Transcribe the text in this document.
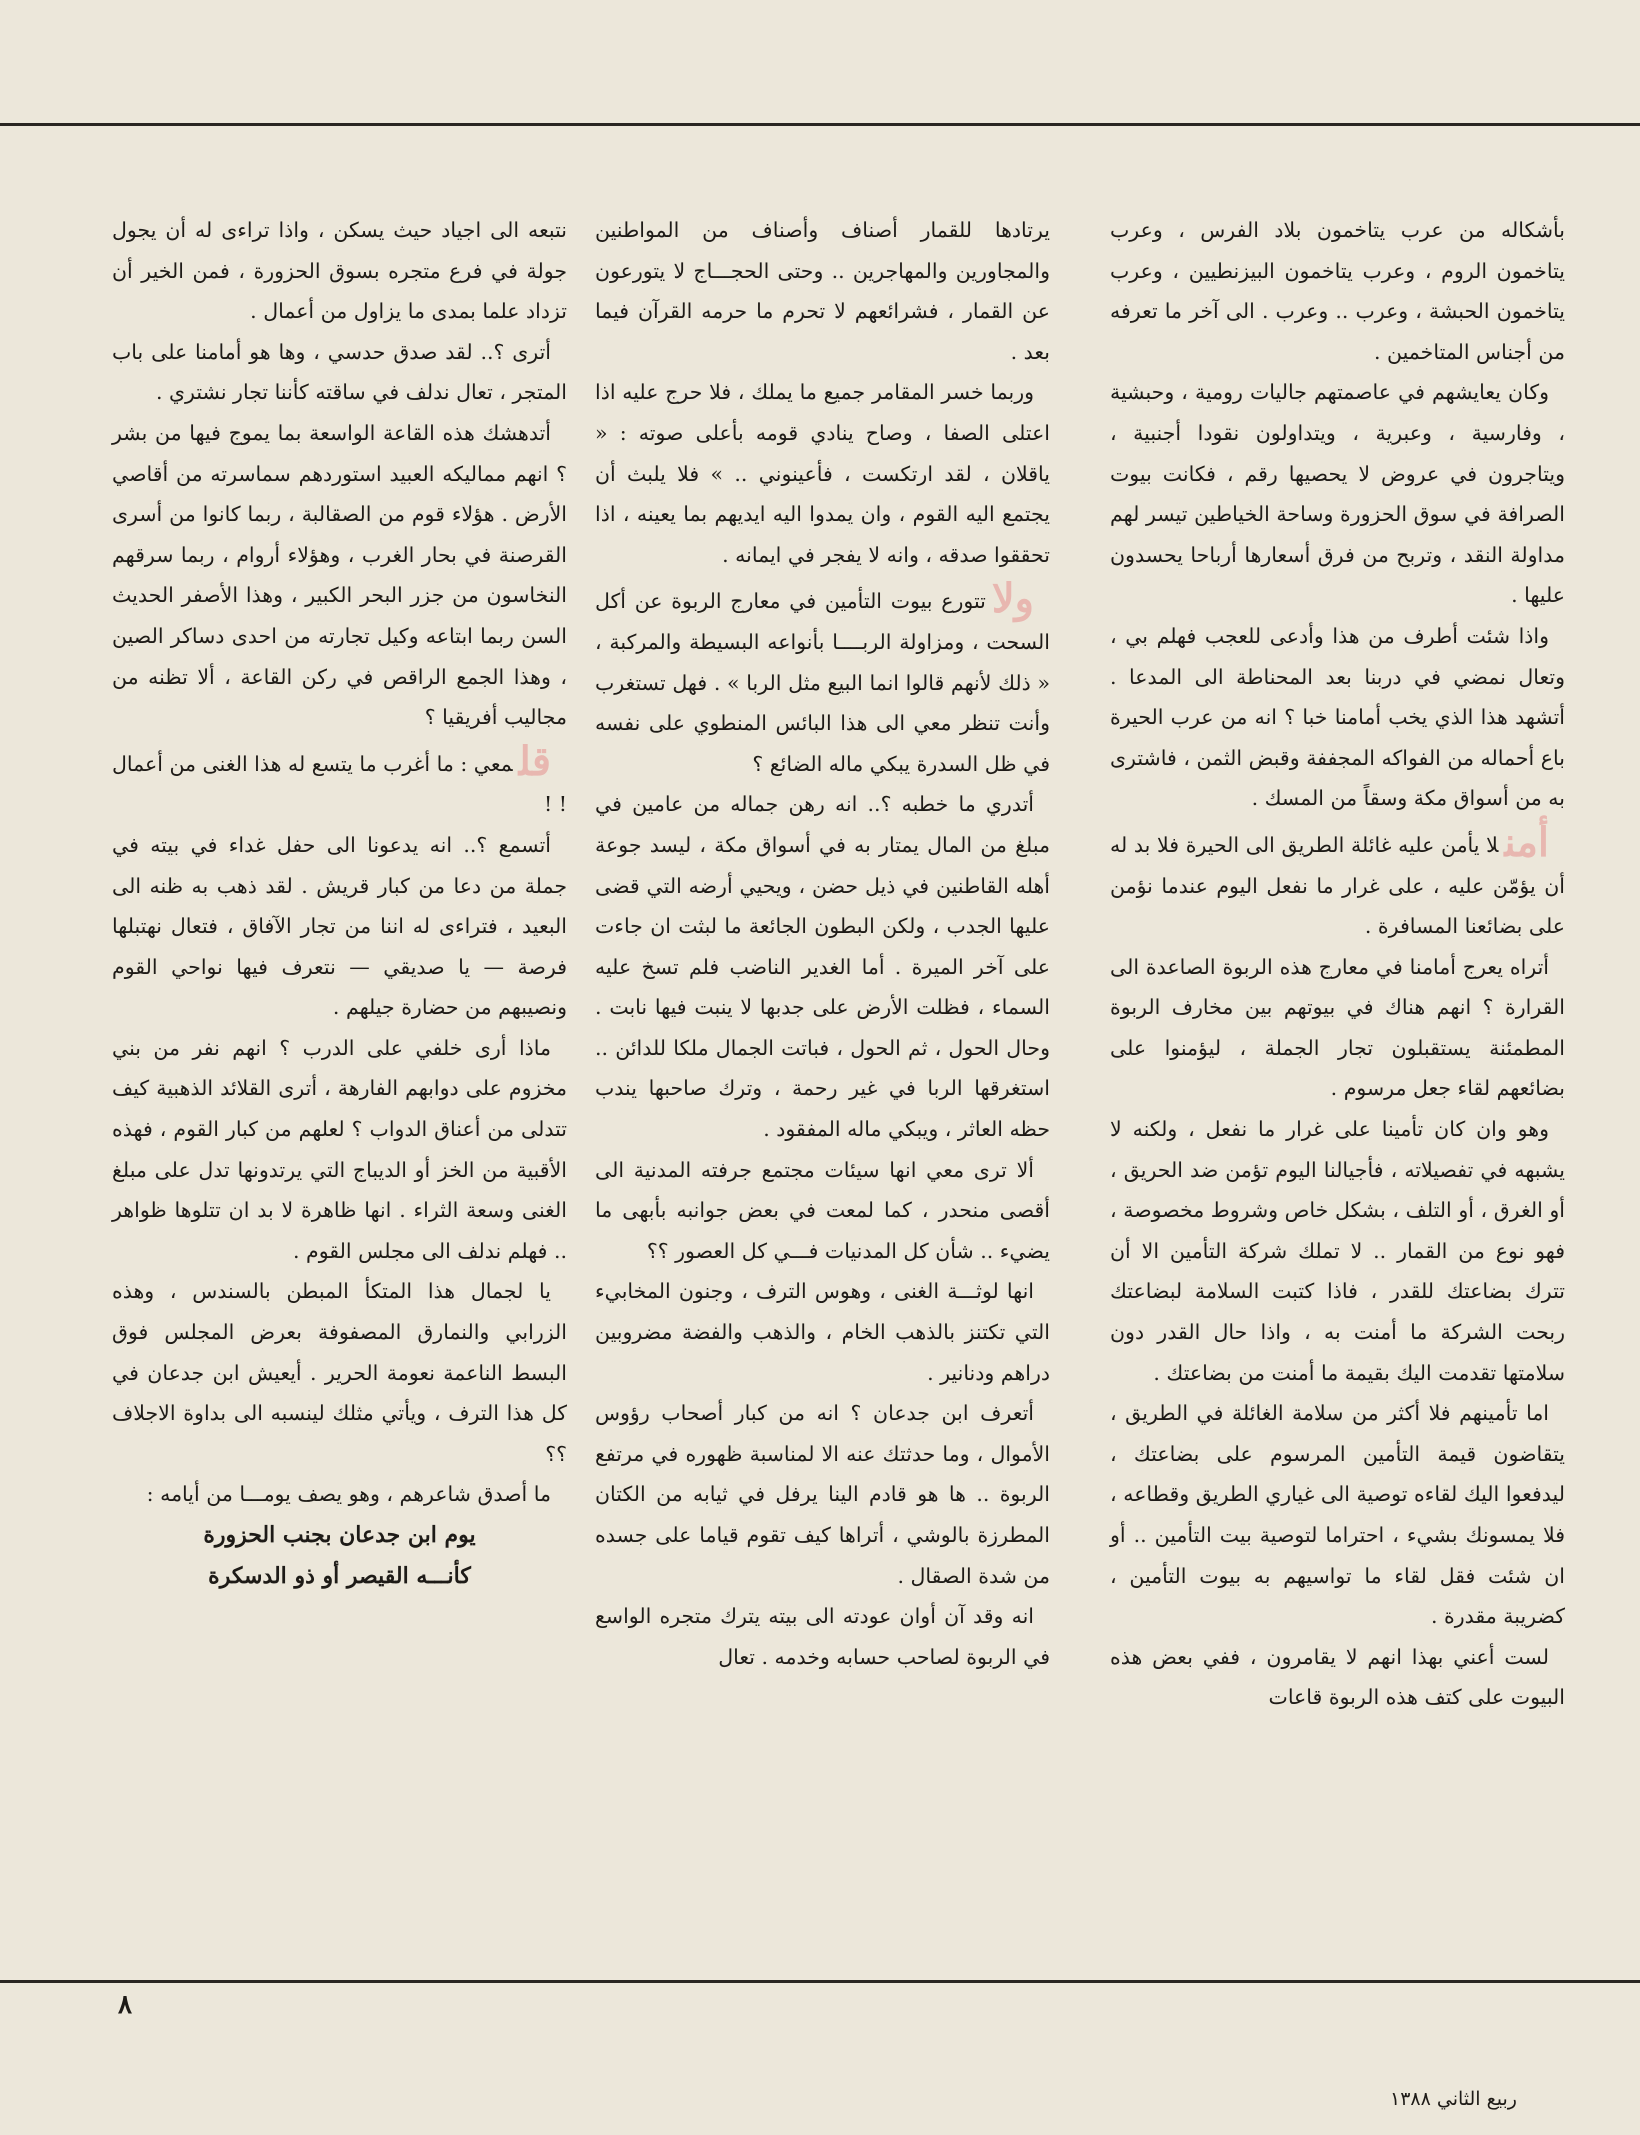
بأشكاله من عرب يتاخمون بلاد الفرس ، وعرب يتاخمون الروم ، وعرب يتاخمون البيزنطيين ، وعرب يتاخمون الحبشة ، وعرب .. وعرب . الى آخر ما تعرفه من أجناس المتاخمين .

وكان يعايشهم في عاصمتهم جاليات رومية ، وحبشية ، وفارسية ، وعبرية ، ويتداولون نقودا أجنبية ، ويتاجرون في عروض لا يحصيها رقم ، فكانت بيوت الصرافة في سوق الحزورة وساحة الخياطين تيسر لهم مداولة النقد ، وتربح من فرق أسعارها أرباحا يحسدون عليها .

واذا شئت أطرف من هذا وأدعى للعجب فهلم بي ، وتعال نمضي في دربنا بعد المحناطة الى المدعا . أتشهد هذا الذي يخب أمامنا خبا ؟ انه من عرب الحيرة باع أحماله من الفواكه المجففة وقبض الثمن ، فاشترى به من أسواق مكة وسقاً من المسك .

أمنلا يأمن عليه غائلة الطريق الى الحيرة فلا بد له أن يؤمّن عليه ، على غرار ما نفعل اليوم عندما نؤمن على بضائعنا المسافرة .

أتراه يعرج أمامنا في معارج هذه الربوة الصاعدة الى القرارة ؟ انهم هناك في بيوتهم بين مخارف الربوة المطمئنة يستقبلون تجار الجملة ، ليؤمنوا على بضائعهم لقاء جعل مرسوم .

وهو وان كان تأمينا على غرار ما نفعل ، ولكنه لا يشبهه في تفصيلاته ، فأجيالنا اليوم تؤمن ضد الحريق ، أو الغرق ، أو التلف ، بشكل خاص وشروط مخصوصة ، فهو نوع من القمار .. لا تملك شركة التأمين الا أن تترك بضاعتك للقدر ، فاذا كتبت السلامة لبضاعتك ربحت الشركة ما أمنت به ، واذا حال القدر دون سلامتها تقدمت اليك بقيمة ما أمنت من بضاعتك .

اما تأمينهم فلا أكثر من سلامة الغائلة في الطريق ، يتقاضون قيمة التأمين المرسوم على بضاعتك ، ليدفعوا اليك لقاءه توصية الى غياري الطريق وقطاعه ، فلا يمسونك بشيء ، احتراما لتوصية بيت التأمين .. أو ان شئت فقل لقاء ما تواسيهم به بيوت التأمين ، كضريبة مقدرة .

لست أعني بهذا انهم لا يقامرون ، ففي بعض هذه البيوت على كتف هذه الربوة قاعات

يرتادها للقمار أصناف وأصناف من المواطنين والمجاورين والمهاجرين .. وحتى الحجـــاج لا يتورعون عن القمار ، فشرائعهم لا تحرم ما حرمه القرآن فيما بعد .

وربما خسر المقامر جميع ما يملك ، فلا حرج عليه اذا اعتلى الصفا ، وصاح ينادي قومه بأعلى صوته : « ياقلان ، لقد ارتكست ، فأعينوني .. » فلا يلبث أن يجتمع اليه القوم ، وان يمدوا اليه ايديهم بما يعينه ، اذا تحققوا صدقه ، وانه لا يفجر في ايمانه .

ولاتتورع بيوت التأمين في معارج الربوة عن أكل السحت ، ومزاولة الربــــا بأنواعه البسيطة والمركبة ، « ذلك لأنهم قالوا انما البيع مثل الربا » . فهل تستغرب وأنت تنظر معي الى هذا البائس المنطوي على نفسه في ظل السدرة يبكي ماله الضائع ؟

أتدري ما خطبه ؟.. انه رهن جماله من عامين في مبلغ من المال يمتار به في أسواق مكة ، ليسد جوعة أهله القاطنين في ذيل حضن ، ويحيي أرضه التي قضى عليها الجدب ، ولكن البطون الجائعة ما لبثت ان جاءت على آخر الميرة . أما الغدير الناضب فلم تسخ عليه السماء ، فظلت الأرض على جدبها لا ينبت فيها نابت . وحال الحول ، ثم الحول ، فباتت الجمال ملكا للدائن .. استغرقها الربا في غير رحمة ، وترك صاحبها يندب حظه العاثر ، ويبكي ماله المفقود .

ألا ترى معي انها سيئات مجتمع جرفته المدنية الى أقصى منحدر ، كما لمعت في بعض جوانبه بأبهى ما يضيء .. شأن كل المدنيات فـــي كل العصور ؟؟

انها لوثـــة الغنى ، وهوس الترف ، وجنون المخابيء التي تكتنز بالذهب الخام ، والذهب والفضة مضروبين دراهم ودنانير .

أتعرف ابن جدعان ؟ انه من كبار أصحاب رؤوس الأموال ، وما حدثتك عنه الا لمناسبة ظهوره في مرتفع الربوة .. ها هو قادم الينا يرفل في ثيابه من الكتان المطرزة بالوشي ، أتراها كيف تقوم قياما على جسده من شدة الصقال .

انه وقد آن أوان عودته الى بيته يترك متجره الواسع في الربوة لصاحب حسابه وخدمه . تعال

نتبعه الى اجياد حيث يسكن ، واذا تراءى له أن يجول جولة في فرع متجره بسوق الحزورة ، فمن الخير أن تزداد علما بمدى ما يزاول من أعمال .

أترى ؟.. لقد صدق حدسي ، وها هو أمامنا على باب المتجر ، تعال ندلف في ساقته كأننا تجار نشتري .

أتدهشك هذه القاعة الواسعة بما يموج فيها من بشر ؟ انهم مماليكه العبيد استوردهم سماسرته من أقاصي الأرض . هؤلاء قوم من الصقالبة ، ربما كانوا من أسرى القرصنة في بحار الغرب ، وهؤلاء أروام ، ربما سرقهم النخاسون من جزر البحر الكبير ، وهذا الأصفر الحديث السن ربما ابتاعه وكيل تجارته من احدى دساكر الصين ، وهذا الجمع الراقص في ركن القاعة ، ألا تظنه من مجاليب أفريقيا ؟

قلمعي : ما أغرب ما يتسع له هذا الغنى من أعمال ! !

أتسمع ؟.. انه يدعونا الى حفل غداء في بيته في جملة من دعا من كبار قريش . لقد ذهب به ظنه الى البعيد ، فتراءى له اننا من تجار الآفاق ، فتعال نهتبلها فرصة — يا صديقي — نتعرف فيها نواحي القوم ونصيبهم من حضارة جيلهم .

ماذا أرى خلفي على الدرب ؟ انهم نفر من بني مخزوم على دوابهم الفارهة ، أترى القلائد الذهبية كيف تتدلى من أعناق الدواب ؟ لعلهم من كبار القوم ، فهذه الأقبية من الخز أو الديباج التي يرتدونها تدل على مبلغ الغنى وسعة الثراء . انها ظاهرة لا بد ان تتلوها ظواهر .. فهلم ندلف الى مجلس القوم .

يا لجمال هذا المتكأ المبطن بالسندس ، وهذه الزرابي والنمارق المصفوفة بعرض المجلس فوق البسط الناعمة نعومة الحرير . أيعيش ابن جدعان في كل هذا الترف ، ويأتي مثلك لينسبه الى بداوة الاجلاف ؟؟

ما أصدق شاعرهم ، وهو يصف يومـــا من أيامه :

يوم ابن جدعان بجنب الحزورة

كأنـــه القيصر أو ذو الدسكرة

٨
ربيع الثاني ١٣٨٨
